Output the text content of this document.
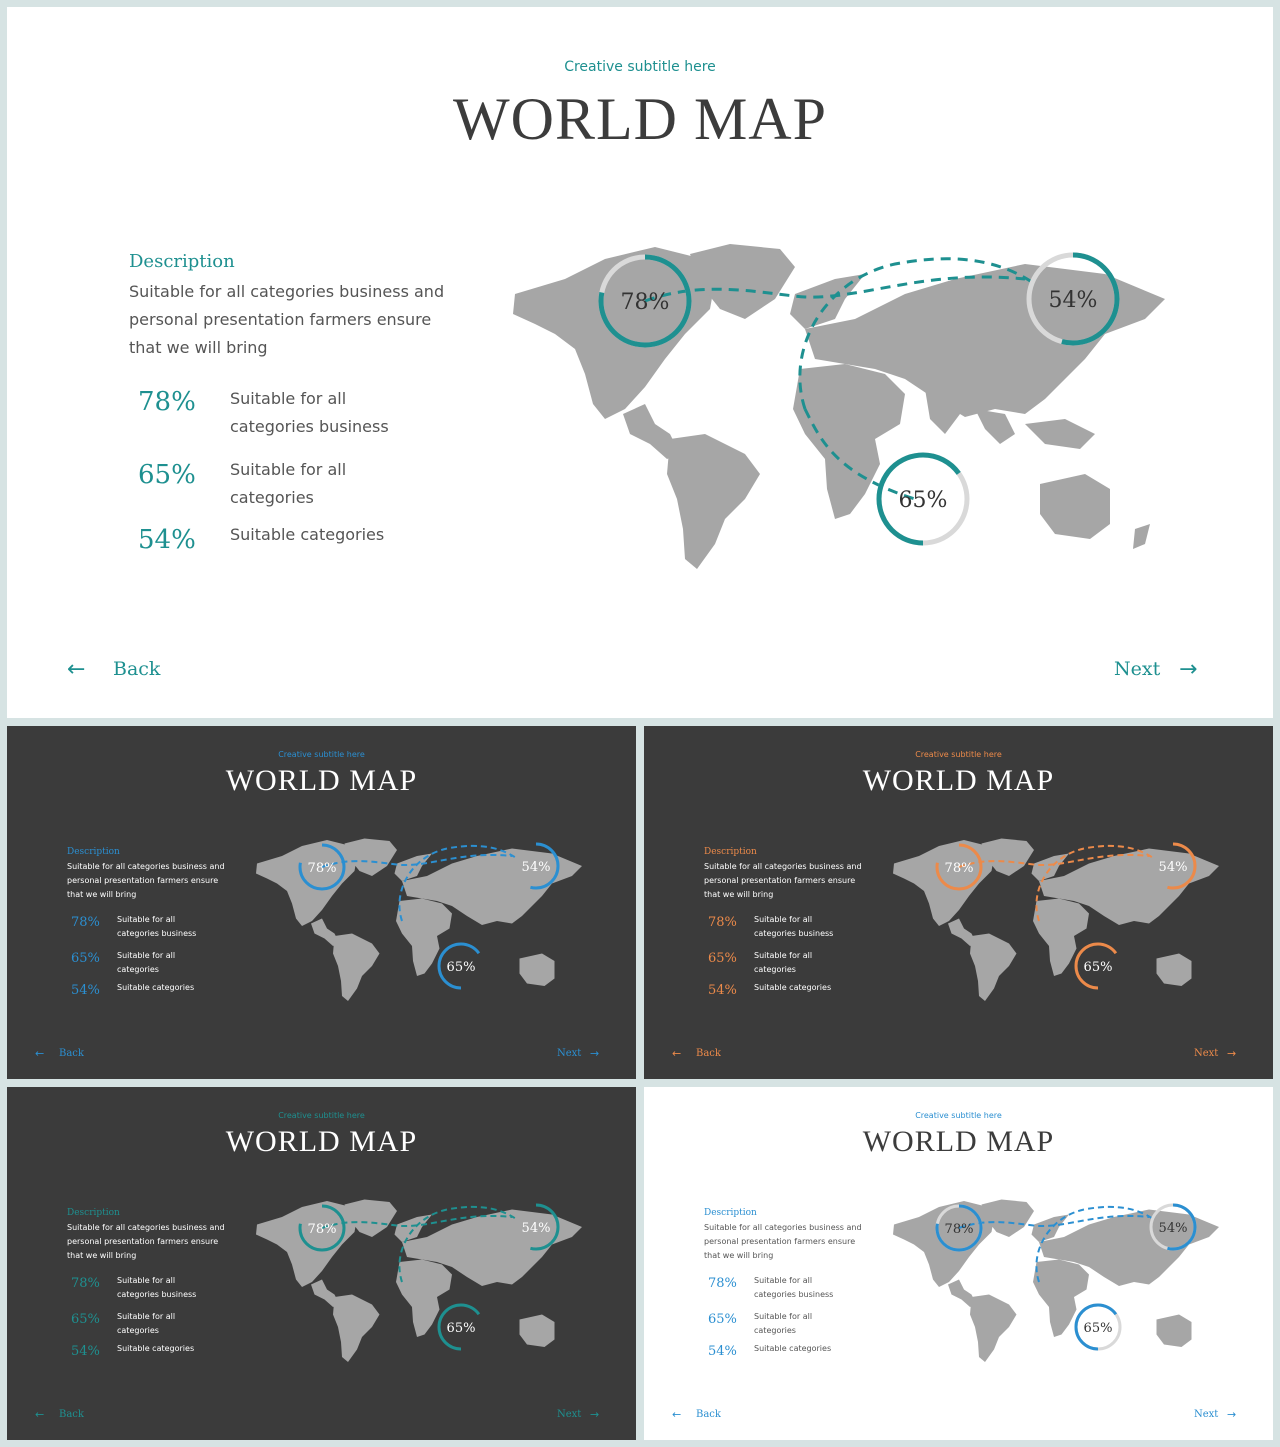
Creative subtitle here
WORLD MAP
Description
Suitable for all categories business and
personal presentation farmers ensure
that we will bring
78% Suitable for all
categories business
65% Suitable for all
categories
54% Suitable categories
78%	54%
65%
← Back	Next →
Creative subtitle here
WORLD MAP
Description
Suitable for all categories business and
personal presentation farmers ensure
that we will bring
78% Suitable for all
categories business
65% Suitable for all
categories
54% Suitable categories
78%	54%
65%
← Back	Next →
Creative subtitle here
WORLD MAP
Description
Suitable for all categories business and
personal presentation farmers ensure
that we will bring
78% Suitable for all
categories business
65% Suitable for all
categories
54% Suitable categories
78%	54%
65%
← Back	Next →
Creative subtitle here
WORLD MAP
Description
Suitable for all categories business and
personal presentation farmers ensure
that we will bring
78% Suitable for all
categories business
65% Suitable for all
categories
54% Suitable categories
78%	54%
65%
← Back	Next →
Creative subtitle here
WORLD MAP
Description
Suitable for all categories business and
personal presentation farmers ensure
that we will bring
78% Suitable for all
categories business
65% Suitable for all
categories
54% Suitable categories
78%	54%
65%
← Back	Next →
